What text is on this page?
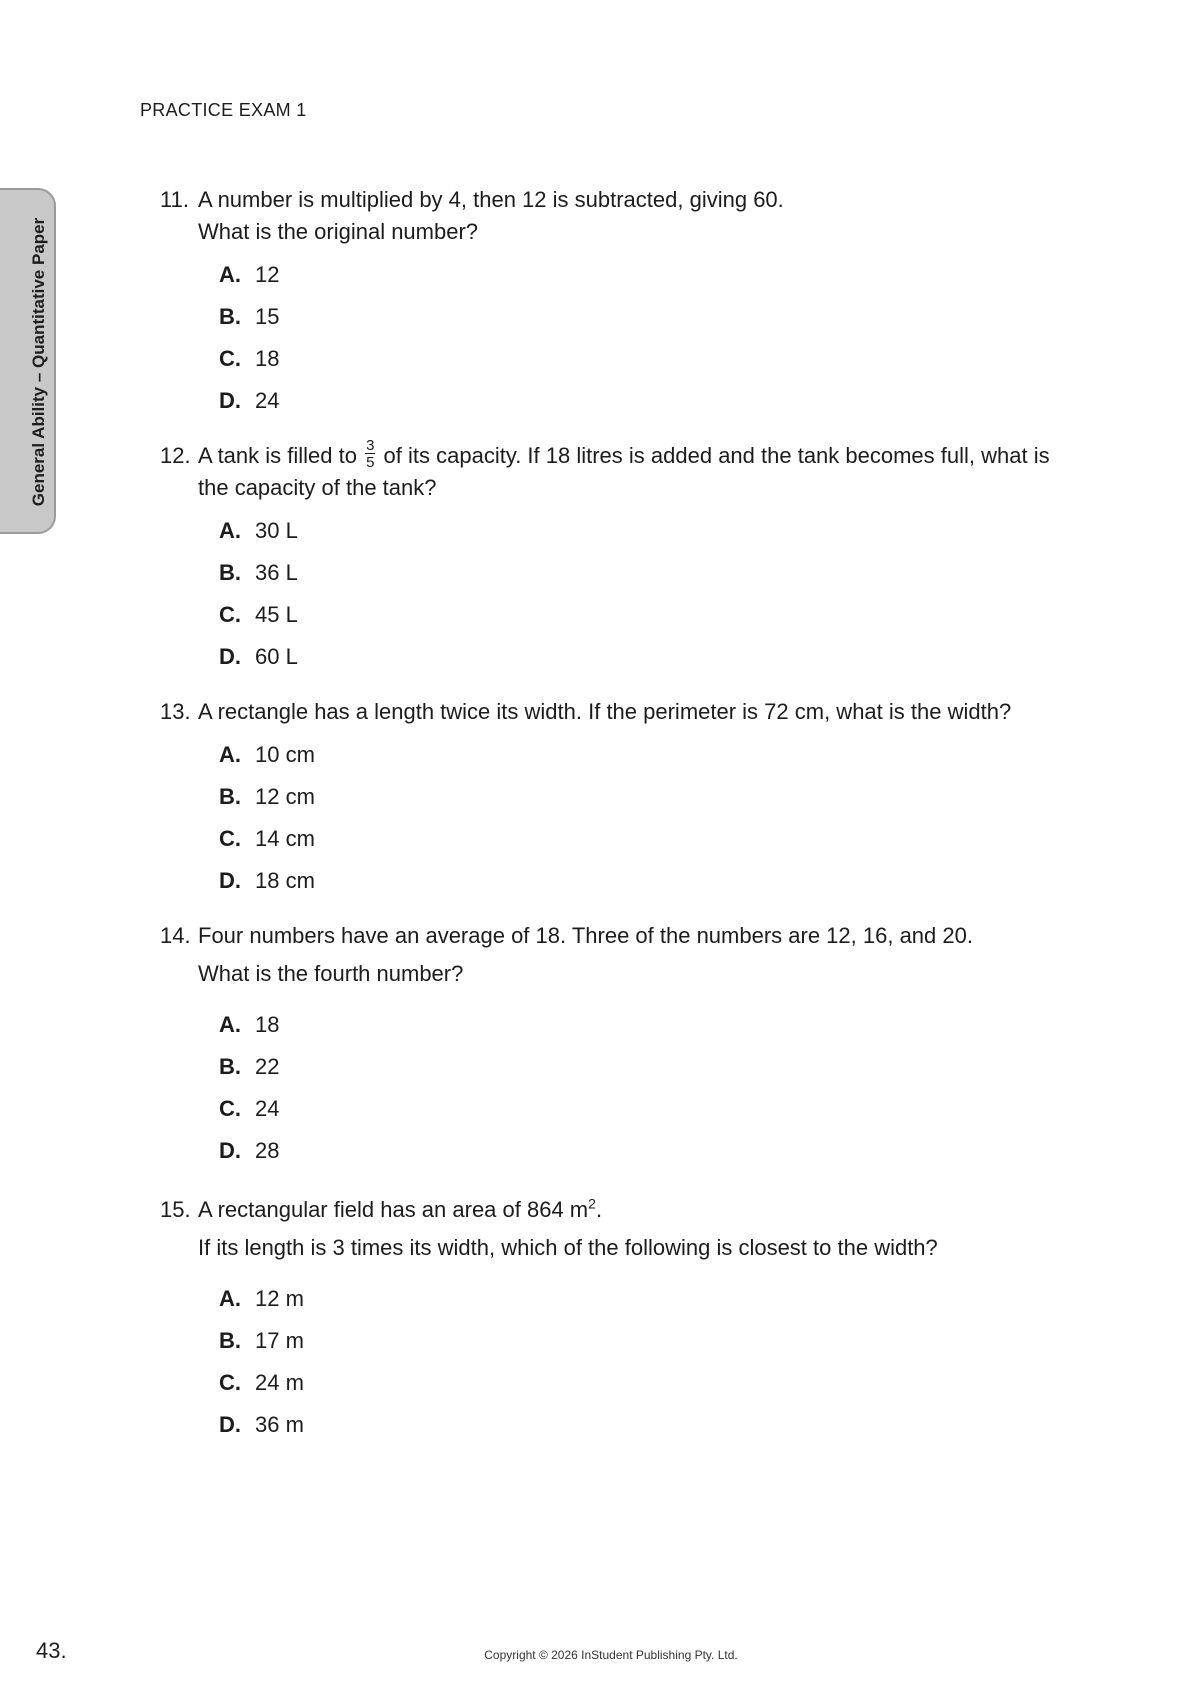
PRACTICE EXAM 1
General Ability – Quantitative Paper
11. A number is multiplied by 4, then 12 is subtracted, giving 60.
What is the original number?
A. 12
B. 15
C. 18
D. 24
12. A tank is filled to $\frac{3}{5}$ of its capacity. If 18 litres is added and the tank becomes full, what is
the capacity of the tank?
A. 30 L
B. 36 L
C. 45 L
D. 60 L
13. A rectangle has a length twice its width. If the perimeter is 72 cm, what is the width?
A. 10 cm
B. 12 cm
C. 14 cm
D. 18 cm
14. Four numbers have an average of 18. Three of the numbers are 12, 16, and 20.
What is the fourth number?
A. 18
B. 22
C. 24
D. 28
15. A rectangular field has an area of 864 $m^2$.
If its length is 3 times its width, which of the following is closest to the width?
A. 12 m
B. 17 m
C. 24 m
D. 36 m
43.	Copyright © 2026 InStudent Publishing Pty. Ltd.
